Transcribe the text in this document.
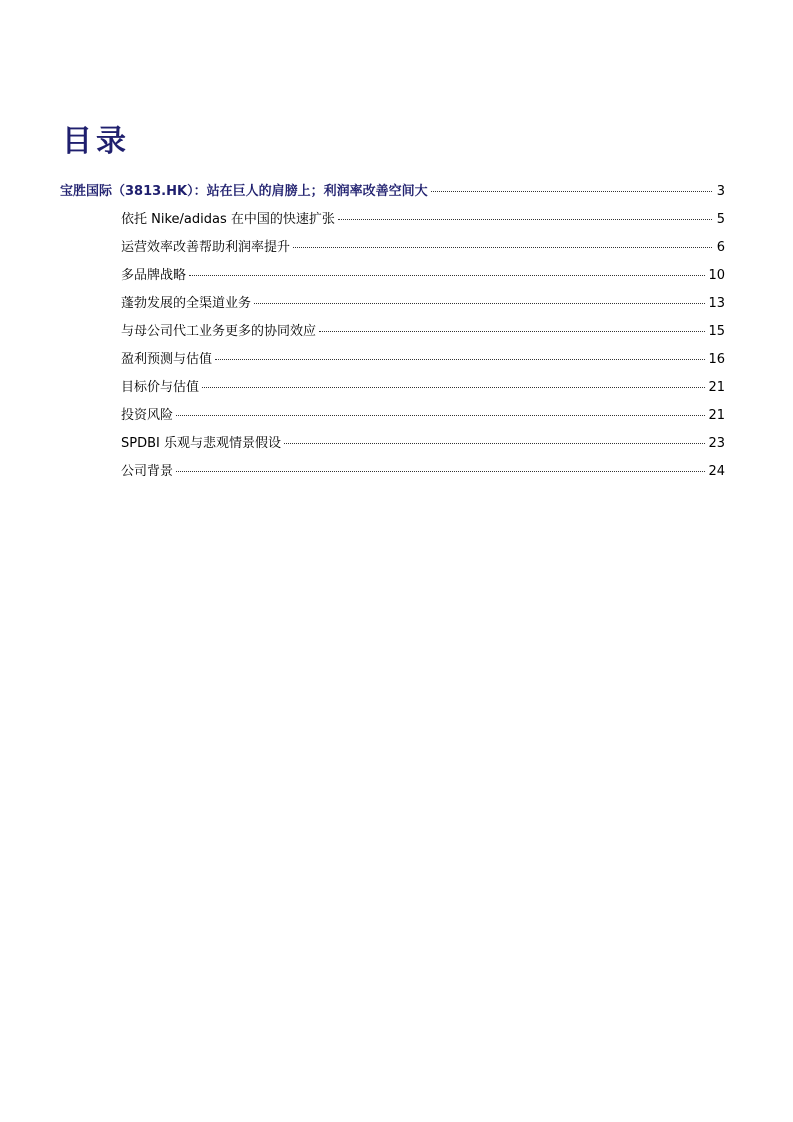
目录
宝胜国际（3813.HK）：站在巨人的肩膀上；利润率改善空间大	3
依托 Nike/adidas 在中国的快速扩张	5
运营效率改善帮助利润率提升	6
多品牌战略	10
蓬勃发展的全渠道业务	13
与母公司代工业务更多的协同效应	15
盈利预测与估值	16
目标价与估值	21
投资风险	21
SPDBI 乐观与悲观情景假设	23
公司背景	24
